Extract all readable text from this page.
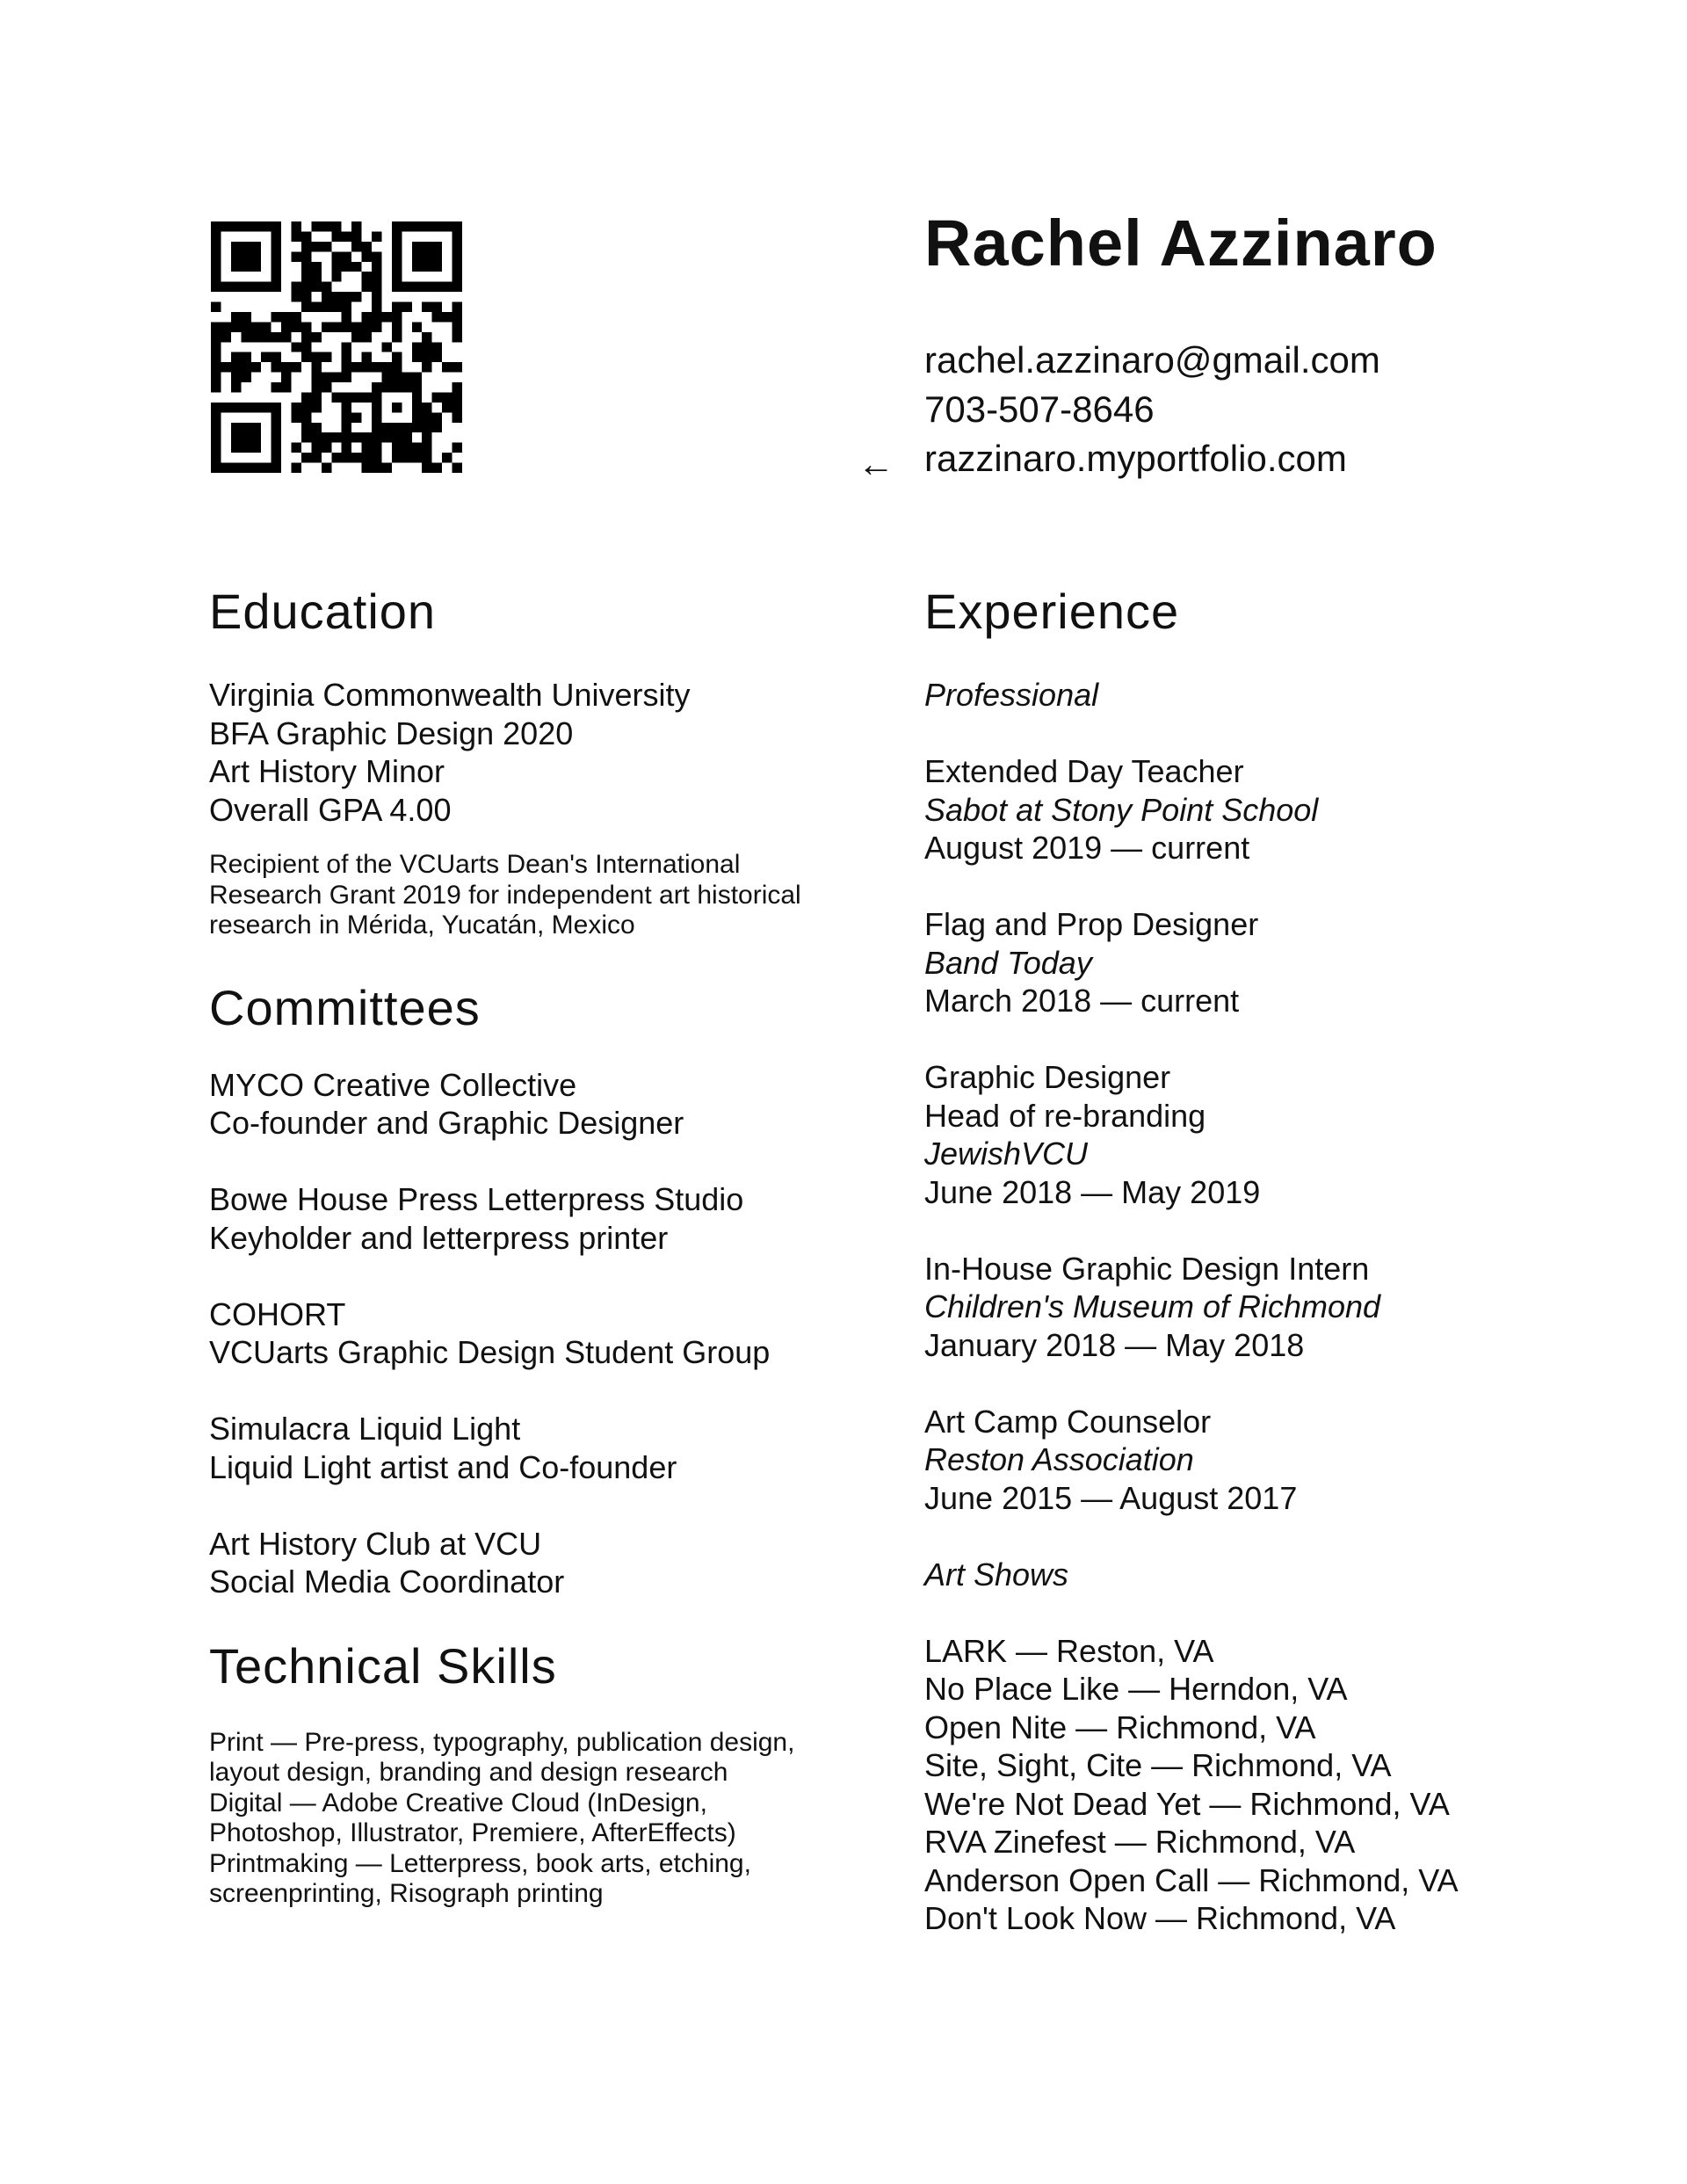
Rachel Azzinaro
rachel.azzinaro@gmail.com
703-507-8646
razzinaro.myportfolio.com
←
Education
Virginia Commonwealth University
BFA Graphic Design 2020
Art History Minor
Overall GPA 4.00
Recipient of the VCUarts Dean's International
Research Grant 2019 for independent art historical
research in Mérida, Yucatán, Mexico
Committees
MYCO Creative Collective
Co-founder and Graphic Designer
Bowe House Press Letterpress Studio
Keyholder and letterpress printer
COHORT
VCUarts Graphic Design Student Group
Simulacra Liquid Light
Liquid Light artist and Co-founder
Art History Club at VCU
Social Media Coordinator
Technical Skills
Print — Pre-press, typography, publication design,
layout design, branding and design research
Digital — Adobe Creative Cloud (InDesign,
Photoshop, Illustrator, Premiere, AfterEffects)
Printmaking — Letterpress, book arts, etching,
screenprinting, Risograph printing
Experience
Professional
Extended Day Teacher
Sabot at Stony Point School
August 2019 — current
Flag and Prop Designer
Band Today
March 2018 — current
Graphic Designer
Head of re-branding
JewishVCU
June 2018 — May 2019
In-House Graphic Design Intern
Children's Museum of Richmond
January 2018 — May 2018
Art Camp Counselor
Reston Association
June 2015 — August 2017
Art Shows
LARK — Reston, VA
No Place Like — Herndon, VA
Open Nite — Richmond, VA
Site, Sight, Cite — Richmond, VA
We're Not Dead Yet — Richmond, VA
RVA Zinefest — Richmond, VA
Anderson Open Call — Richmond, VA
Don't Look Now — Richmond, VA
